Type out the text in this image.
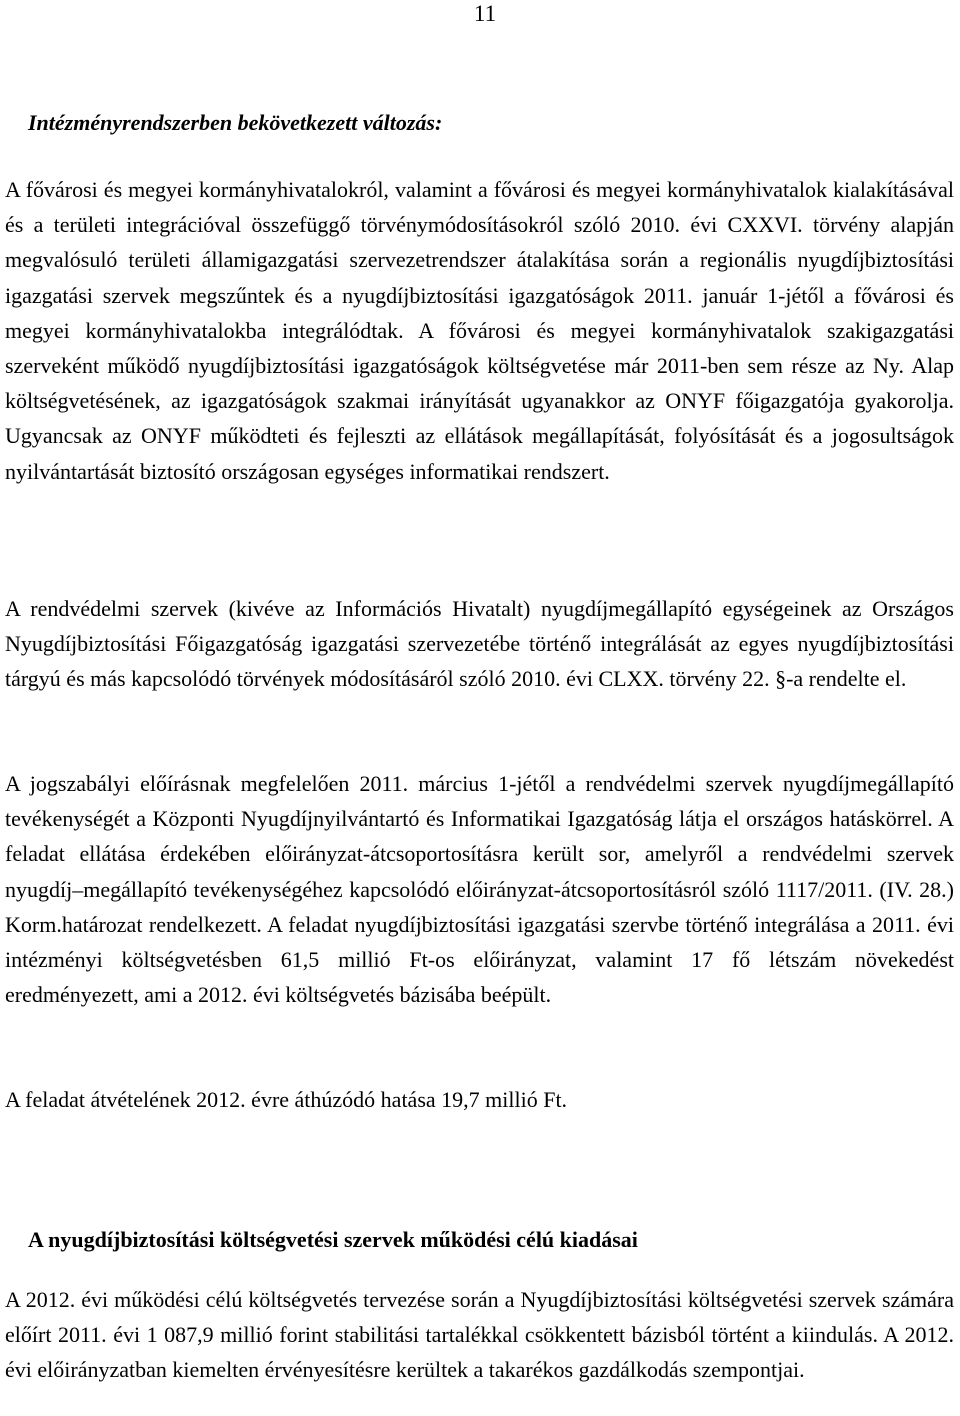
11
Intézményrendszerben bekövetkezett változás:

A fővárosi és megyei kormányhivatalokról, valamint a fővárosi és megyei kormányhivatalok kialakításával és a területi integrációval összefüggő törvénymódosításokról szóló 2010. évi CXXVI. törvény alapján megvalósuló területi államigazgatási szervezetrendszer átalakítása során a regionális nyugdíjbiztosítási igazgatási szervek megszűntek és a nyugdíjbiztosítási igazgatóságok 2011. január 1-jétől a fővárosi és megyei kormányhivatalokba integrálódtak. A fővárosi és megyei kormányhivatalok szakigazgatási szerveként működő nyugdíjbiztosítási igazgatóságok költségvetése már 2011-ben sem része az Ny. Alap költségvetésének, az igazgatóságok szakmai irányítását ugyanakkor az ONYF főigazgatója gyakorolja. Ugyancsak az ONYF működteti és fejleszti az ellátások megállapítását, folyósítását és a jogosultságok nyilvántartását biztosító országosan egységes informatikai rendszert.

A rendvédelmi szervek (kivéve az Információs Hivatalt) nyugdíjmegállapító egységeinek az Országos Nyugdíjbiztosítási Főigazgatóság igazgatási szervezetébe történő integrálását az egyes nyugdíjbiztosítási tárgyú és más kapcsolódó törvények módosításáról szóló 2010. évi CLXX. törvény 22. §-a rendelte el.

A jogszabályi előírásnak megfelelően 2011. március 1-jétől a rendvédelmi szervek nyugdíjmegállapító tevékenységét a Központi Nyugdíjnyilvántartó és Informatikai Igazgatóság látja el országos hatáskörrel. A feladat ellátása érdekében előirányzat-átcsoportosításra került sor, amelyről a rendvédelmi szervek nyugdíj–megállapító tevékenységéhez kapcsolódó előirányzat-átcsoportosításról szóló 1117/2011. (IV. 28.) Korm.határozat rendelkezett. A feladat nyugdíjbiztosítási igazgatási szervbe történő integrálása a 2011. évi intézményi költségvetésben 61,5 millió Ft-os előirányzat, valamint 17 fő létszám növekedést eredményezett, ami a 2012. évi költségvetés bázisába beépült.

A feladat átvételének 2012. évre áthúzódó hatása 19,7 millió Ft.

A nyugdíjbiztosítási költségvetési szervek működési célú kiadásai

A 2012. évi működési célú költségvetés tervezése során a Nyugdíjbiztosítási költségvetési szervek számára előírt 2011. évi 1 087,9 millió forint stabilitási tartalékkal csökkentett bázisból történt a kiindulás. A 2012. évi előirányzatban kiemelten érvényesítésre kerültek a takarékos gazdálkodás szempontjai.
